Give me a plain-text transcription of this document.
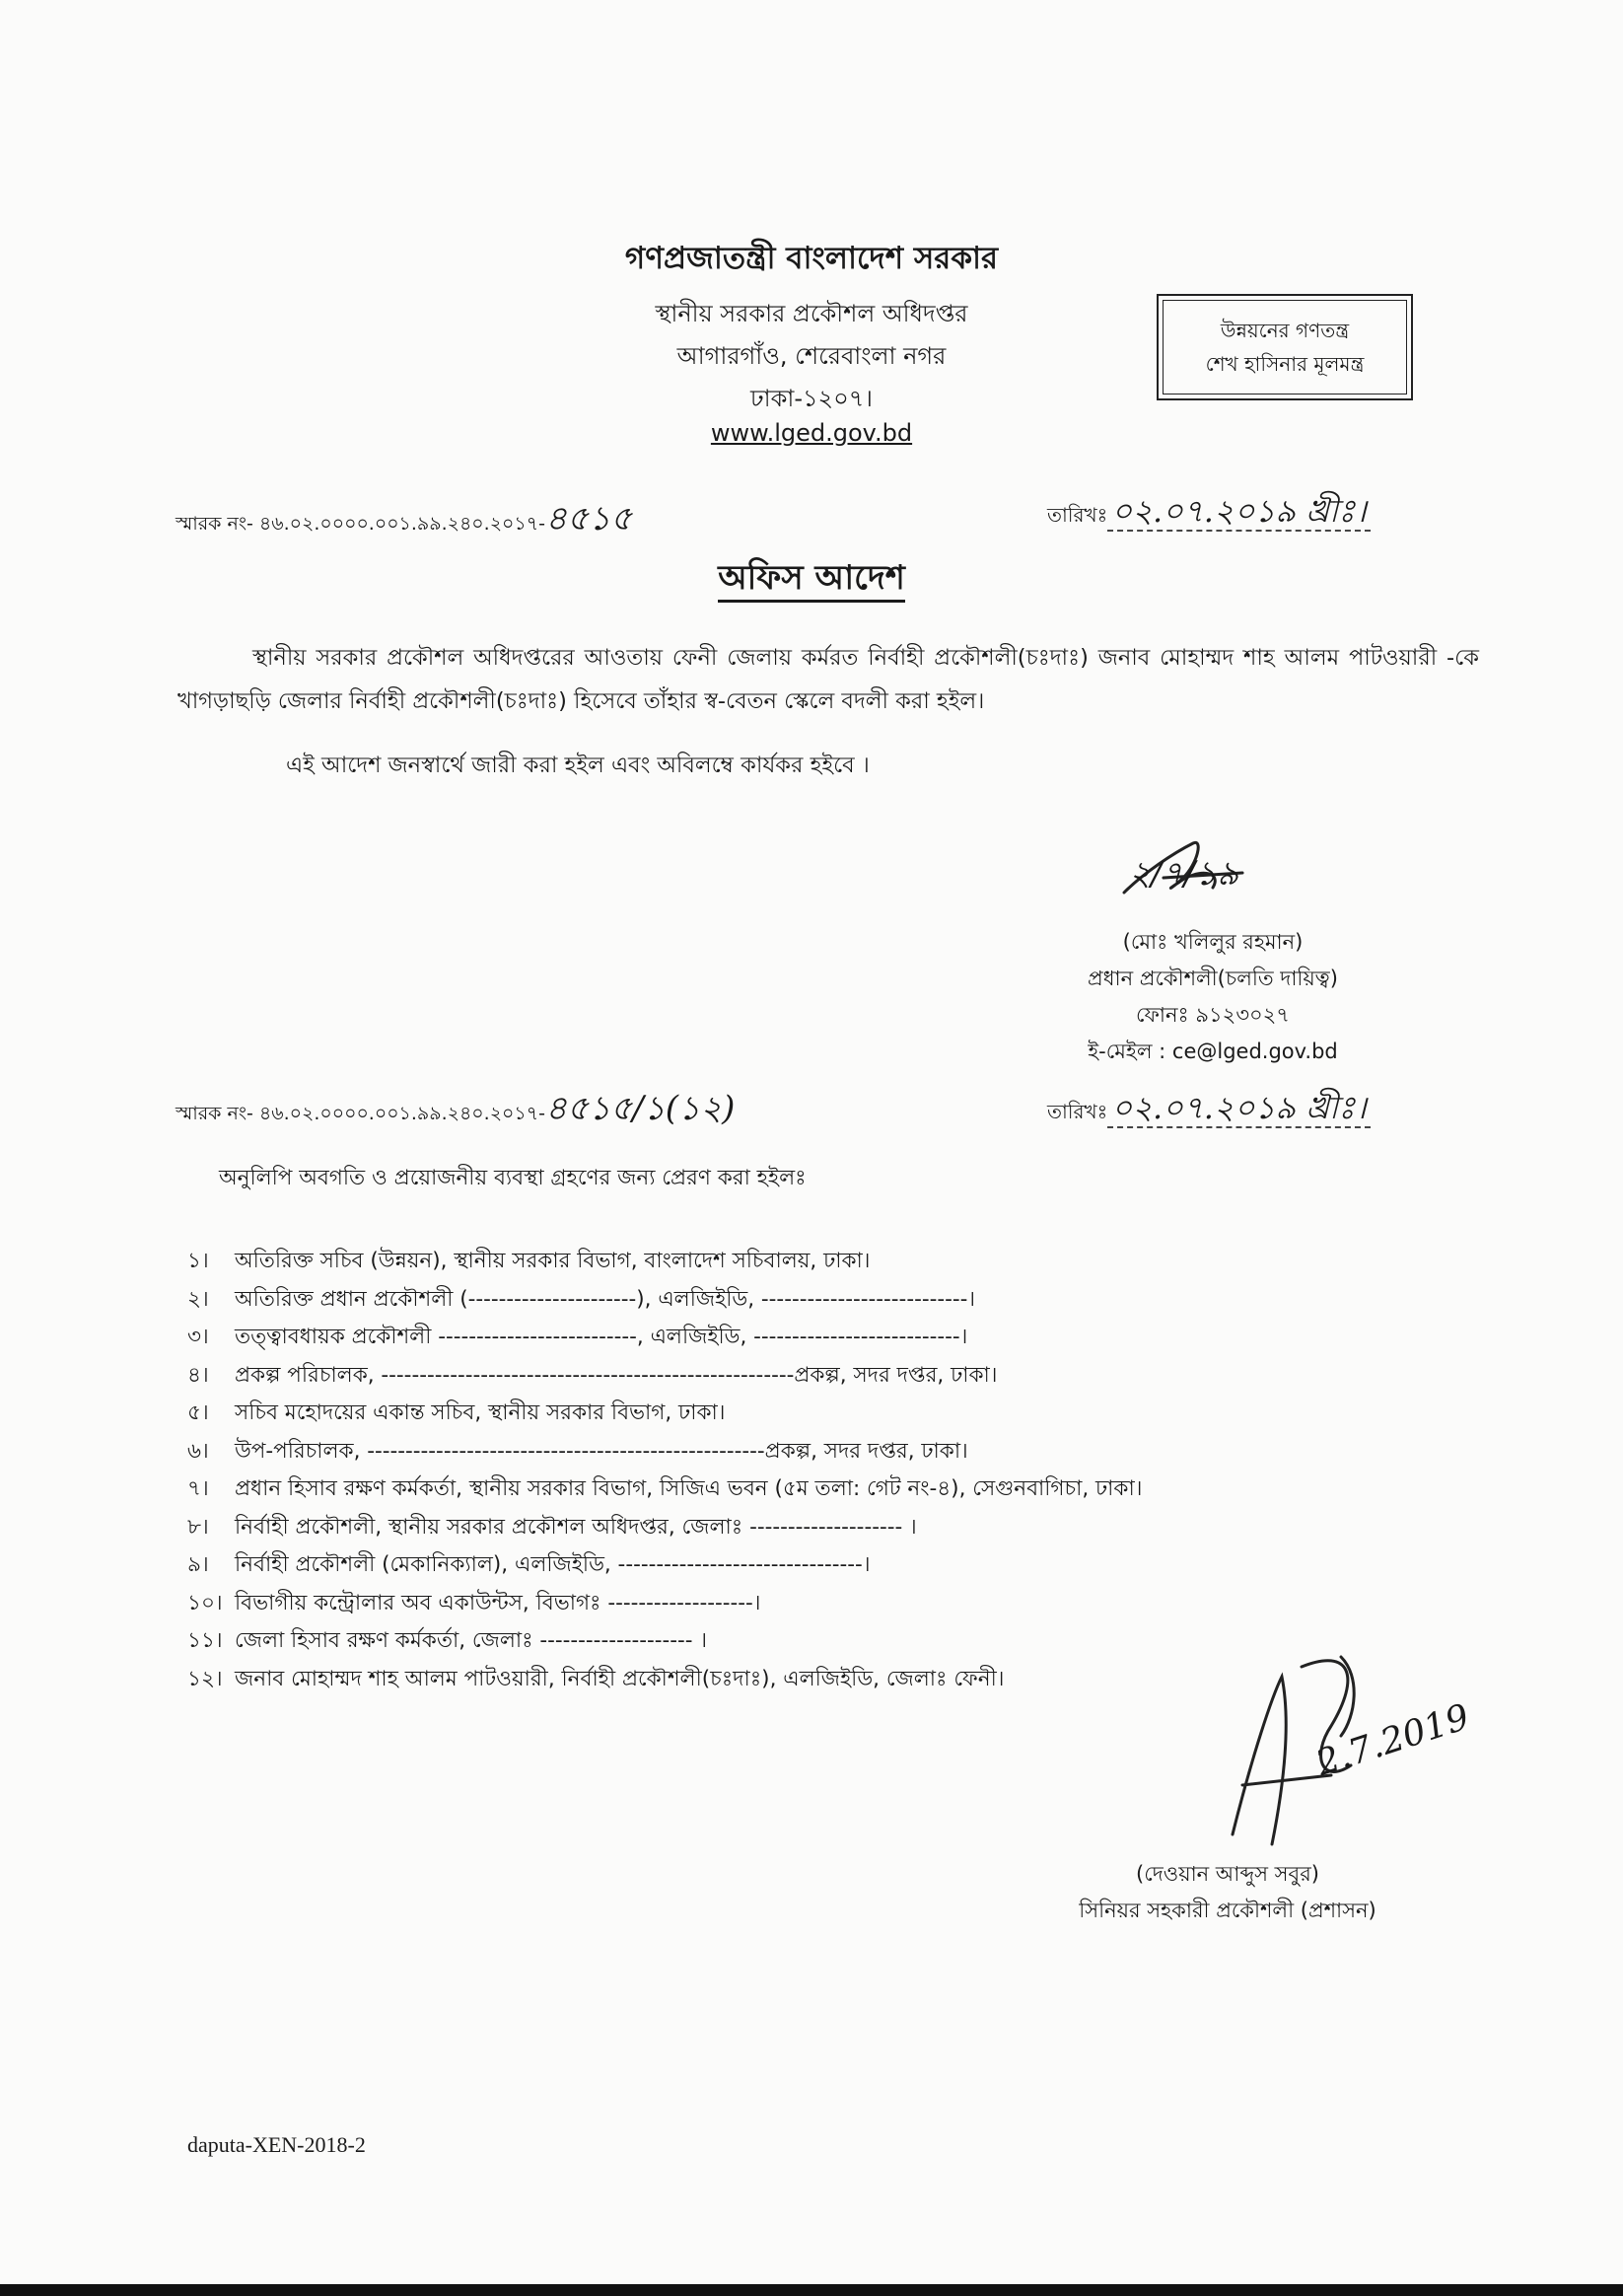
গণপ্রজাতন্ত্রী বাংলাদেশ সরকার
স্থানীয় সরকার প্রকৌশল অধিদপ্তর
আগারগাঁও, শেরেবাংলা নগর
ঢাকা-১২০৭।
www.lged.gov.bd
উন্নয়নের গণতন্ত্র
শেখ হাসিনার মূলমন্ত্র
স্মারক নং- ৪৬.০২.০০০০.০০১.৯৯.২৪০.২০১৭-৪৫১৫	তারিখঃ ০২.০৭.২০১৯ খ্রীঃ।
অফিস আদেশ
স্থানীয় সরকার প্রকৌশল অধিদপ্তরের আওতায় ফেনী জেলায় কর্মরত নির্বাহী প্রকৌশলী(চঃদাঃ) জনাব মোহাম্মদ শাহ আলম পাটওয়ারী -কে খাগড়াছড়ি জেলার নির্বাহী প্রকৌশলী(চঃদাঃ) হিসেবে তাঁহার স্ব-বেতন স্কেলে বদলী করা হইল।
এই আদেশ জনস্বার্থে জারী করা হইল এবং অবিলম্বে কার্যকর হইবে ।
২/৭/১৯
(মোঃ খলিলুর রহমান)
প্রধান প্রকৌশলী(চলতি দায়িত্ব)
ফোনঃ ৯১২৩০২৭
ই-মেইল : ce@lged.gov.bd
স্মারক নং- ৪৬.০২.০০০০.০০১.৯৯.২৪০.২০১৭-৪৫১৫/১(১২)	তারিখঃ ০২.০৭.২০১৯ খ্রীঃ।
অনুলিপি অবগতি ও প্রয়োজনীয় ব্যবস্থা গ্রহণের জন্য প্রেরণ করা হইলঃ
১। অতিরিক্ত সচিব (উন্নয়ন), স্থানীয় সরকার বিভাগ, বাংলাদেশ সচিবালয়, ঢাকা।
২। অতিরিক্ত প্রধান প্রকৌশলী (----------------------), এলজিইডি, ---------------------------।
৩। তত্ত্বাবধায়ক প্রকৌশলী --------------------------, এলজিইডি, ---------------------------।
৪। প্রকল্প পরিচালক, ------------------------------------------------------প্রকল্প, সদর দপ্তর, ঢাকা।
৫। সচিব মহোদয়ের একান্ত সচিব, স্থানীয় সরকার বিভাগ, ঢাকা।
৬। উপ-পরিচালক, ----------------------------------------------------প্রকল্প, সদর দপ্তর, ঢাকা।
৭। প্রধান হিসাব রক্ষণ কর্মকর্তা, স্থানীয় সরকার বিভাগ, সিজিএ ভবন (৫ম তলা: গেট নং-৪), সেগুনবাগিচা, ঢাকা।
৮। নির্বাহী প্রকৌশলী, স্থানীয় সরকার প্রকৌশল অধিদপ্তর, জেলাঃ -------------------- ।
৯। নির্বাহী প্রকৌশলী (মেকানিক্যাল), এলজিইডি, --------------------------------।
১০। বিভাগীয় কন্ট্রোলার অব একাউন্টস, বিভাগঃ -------------------।
১১। জেলা হিসাব রক্ষণ কর্মকর্তা, জেলাঃ -------------------- ।
১২। জনাব মোহাম্মদ শাহ আলম পাটওয়ারী, নির্বাহী প্রকৌশলী(চঃদাঃ), এলজিইডি, জেলাঃ ফেনী।
2.7.2019
(দেওয়ান আব্দুস সবুর)
সিনিয়র সহকারী প্রকৌশলী (প্রশাসন)
daputa-XEN-2018-2
